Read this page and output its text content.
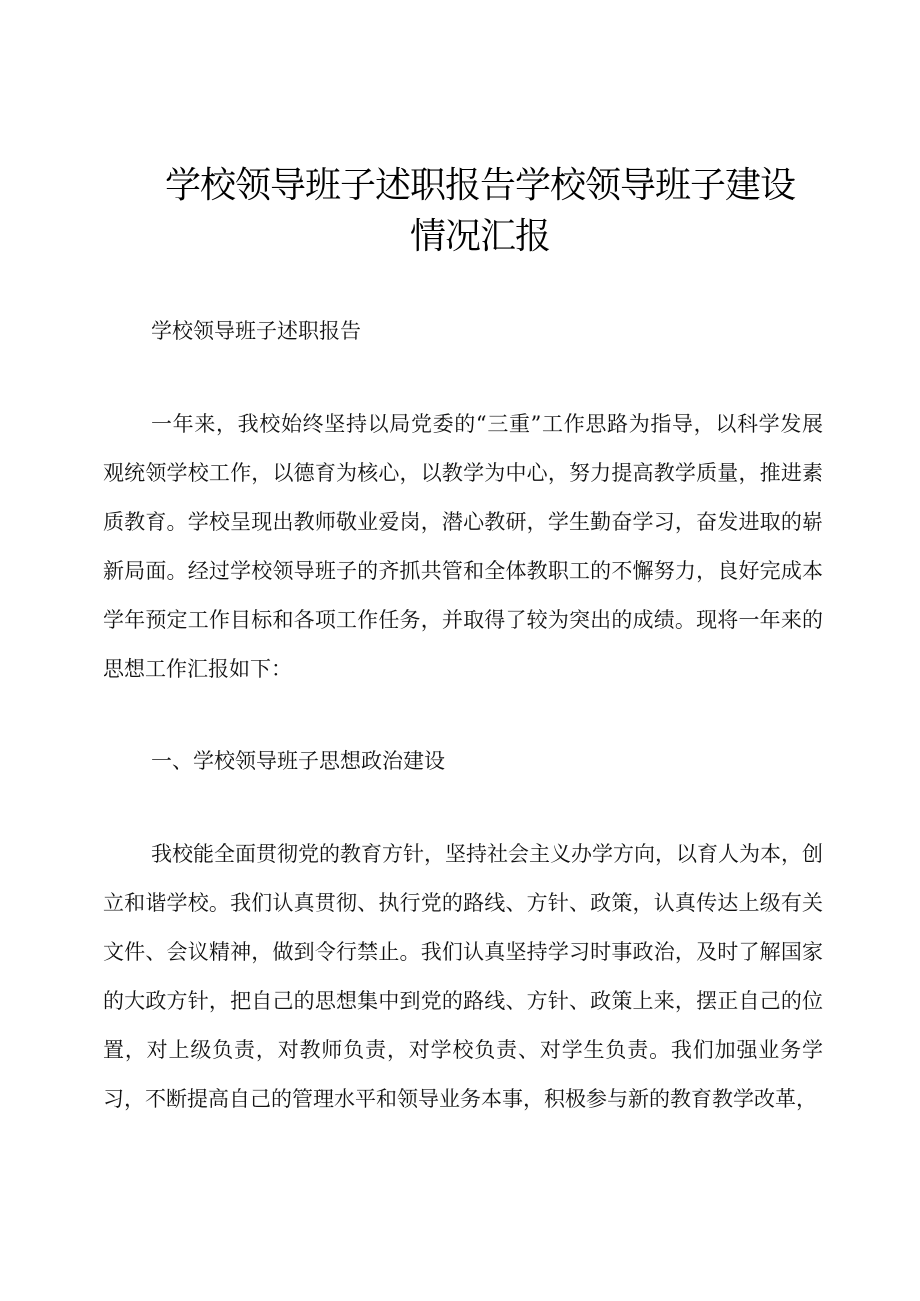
学校领导班子述职报告学校领导班子建设情况汇报

学校领导班子述职报告

一年来，我校始终坚持以局党委的“三重”工作思路为指导，以科学发展观统领学校工作，以德育为核心，以教学为中心，努力提高教学质量，推进素质教育。学校呈现出教师敬业爱岗，潜心教研，学生勤奋学习，奋发进取的崭新局面。经过学校领导班子的齐抓共管和全体教职工的不懈努力，良好完成本学年预定工作目标和各项工作任务，并取得了较为突出的成绩。现将一年来的思想工作汇报如下：

一、学校领导班子思想政治建设

我校能全面贯彻党的教育方针，坚持社会主义办学方向，以育人为本，创立和谐学校。我们认真贯彻、执行党的路线、方针、政策，认真传达上级有关文件、会议精神，做到令行禁止。我们认真坚持学习时事政治，及时了解国家的大政方针，把自己的思想集中到党的路线、方针、政策上来，摆正自己的位置，对上级负责，对教师负责，对学校负责、对学生负责。我们加强业务学习，不断提高自己的管理水平和领导业务本事，积极参与新的教育教学改革，
